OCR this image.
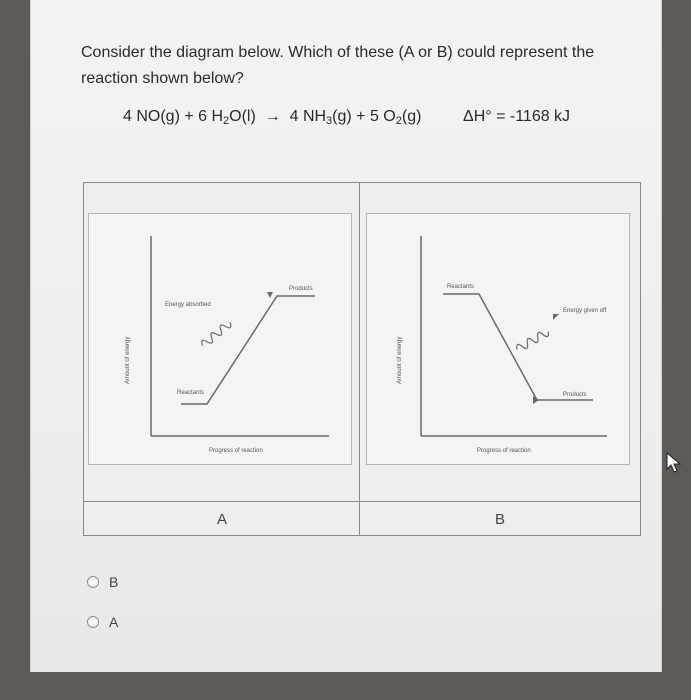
Consider the diagram below. Which of these (A or B) could represent the reaction shown below?
4 NO(g) + 6 $H_2O(l) \to 4$ $NH_3(g) + 5$ $O_2(g)$	ΔH° = -1168 kJ
Amount of energy
Progress of reaction
Products
Reactants
Energy absorbed
Amount of energy
Progress of reaction
Reactants
Products
Energy given off
A	B
B
A
